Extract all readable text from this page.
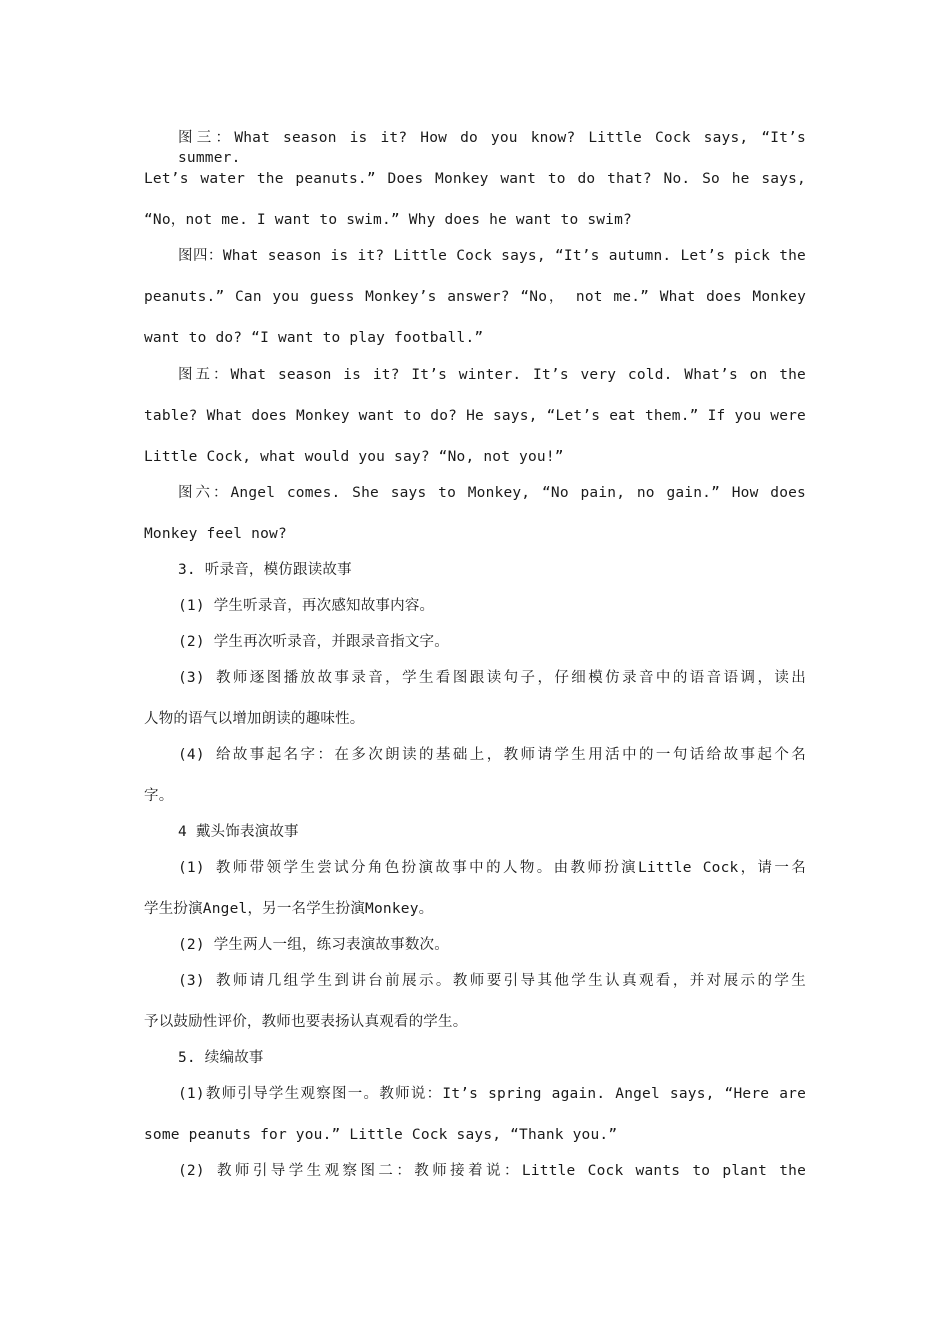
图三：What season is it? How do you know? Little Cock says, “It’s summer.
Let’s water the peanuts.” Does Monkey want to do that? No. So he says,
“No，not me. I want to swim.” Why does he want to swim?
图四：What season is it? Little Cock says, “It’s autumn. Let’s pick the
peanuts.” Can you guess Monkey’s answer? “No， not me.” What does Monkey
want to do? “I want to play football.”
图五：What season is it? It’s winter. It’s very cold. What’s on the
table? What does Monkey want to do? He says, “Let’s eat them.” If you were
Little Cock, what would you say? “No, not you!”
图六：Angel comes. She says to Monkey, “No pain, no gain.” How does
Monkey feel now?
3. 听录音，模仿跟读故事
(1) 学生听录音，再次感知故事内容。
(2) 学生再次听录音，并跟录音指文字。
(3) 教师逐图播放故事录音，学生看图跟读句子，仔细模仿录音中的语音语调，读出
人物的语气以增加朗读的趣味性。
(4) 给故事起名字：在多次朗读的基础上，教师请学生用活中的一句话给故事起个名
字。
4 戴头饰表演故事
(1) 教师带领学生尝试分角色扮演故事中的人物。由教师扮演Little Cock，请一名
学生扮演Angel，另一名学生扮演Monkey。
(2) 学生两人一组，练习表演故事数次。
(3) 教师请几组学生到讲台前展示。教师要引导其他学生认真观看，并对展示的学生
予以鼓励性评价，教师也要表扬认真观看的学生。
5. 续编故事
(1)教师引导学生观察图一。教师说：It’s spring again. Angel says, “Here are
some peanuts for you.” Little Cock says, “Thank you.”
(2) 教师引导学生观察图二：教师接着说：Little Cock wants to plant the
